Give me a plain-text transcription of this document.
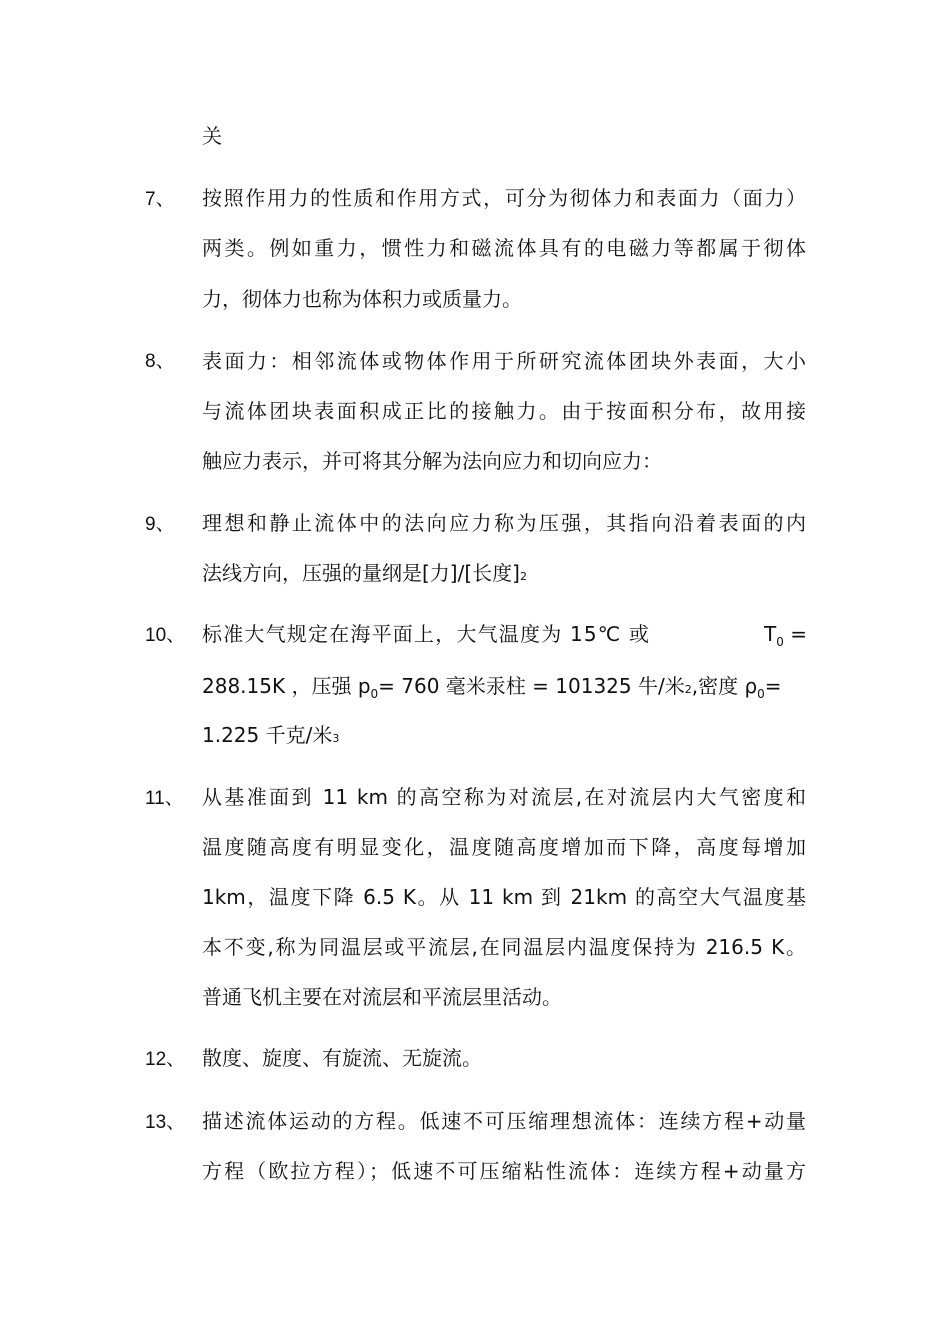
关
7、 按照作用力的性质和作用方式，可分为彻体力和表面力（面力）
两类。例如重力，惯性力和磁流体具有的电磁力等都属于彻体
力，彻体力也称为体积力或质量力。
8、 表面力：相邻流体或物体作用于所研究流体团块外表面，大小
与流体团块表面积成正比的接触力。由于按面积分布，故用接
触应力表示，并可将其分解为法向应力和切向应力：
9、 理想和静止流体中的法向应力称为压强，其指向沿着表面的内
法线方向，压强的量纲是[力]/[长度]2
10、 标准大气规定在海平面上，大气温度为 15℃ 或	$T_0$ =
288.15K ，压强 $p_0= 760$ 毫米汞柱 = 101325 牛/米2,密度 $\rho_0=$
1.225 千克/米3
11、 从基准面到 11 km 的高空称为对流层,在对流层内大气密度和
温度随高度有明显变化，温度随高度增加而下降，高度每增加
1km，温度下降 6.5 K。从 11 km 到 21km 的高空大气温度基
本不变,称为同温层或平流层,在同温层内温度保持为 216.5 K。
普通飞机主要在对流层和平流层里活动。
12、 散度、旋度、有旋流、无旋流。
13、 描述流体运动的方程。低速不可压缩理想流体：连续方程+动量
方程（欧拉方程）；低速不可压缩粘性流体：连续方程+动量方
